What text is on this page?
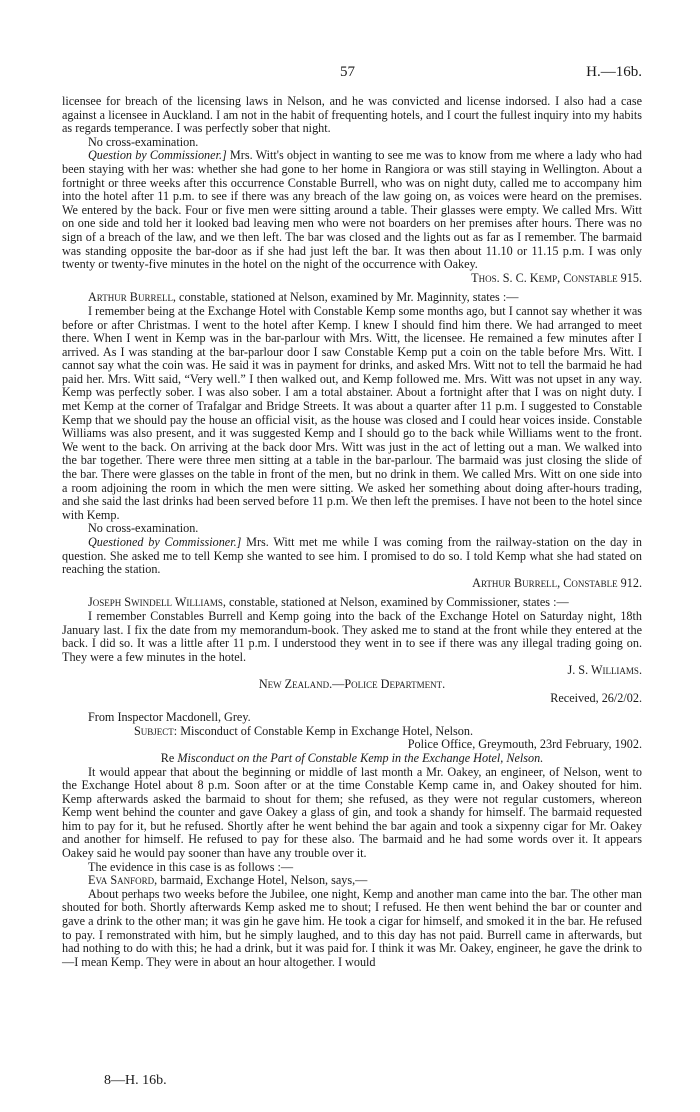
57	H.—16b.

licensee for breach of the licensing laws in Nelson, and he was convicted and license indorsed. I also had a case against a licensee in Auckland. I am not in the habit of frequenting hotels, and I court the fullest inquiry into my habits as regards temperance. I was perfectly sober that night.

No cross-examination.

Question by Commissioner.] Mrs. Witt's object in wanting to see me was to know from me where a lady who had been staying with her was: whether she had gone to her home in Rangiora or was still staying in Wellington. About a fortnight or three weeks after this occurrence Constable Burrell, who was on night duty, called me to accompany him into the hotel after 11 p.m. to see if there was any breach of the law going on, as voices were heard on the premises. We entered by the back. Four or five men were sitting around a table. Their glasses were empty. We called Mrs. Witt on one side and told her it looked bad leaving men who were not boarders on her premises after hours. There was no sign of a breach of the law, and we then left. The bar was closed and the lights out as far as I remember. The barmaid was standing opposite the bar-door as if she had just left the bar. It was then about 11.10 or 11.15 p.m. I was only twenty or twenty-five minutes in the hotel on the night of the occurrence with Oakey.

Thos. S. C. Kemp, Constable 915.

Arthur Burrell, constable, stationed at Nelson, examined by Mr. Maginnity, states :—

I remember being at the Exchange Hotel with Constable Kemp some months ago, but I cannot say whether it was before or after Christmas. I went to the hotel after Kemp. I knew I should find him there. We had arranged to meet there. When I went in Kemp was in the bar-parlour with Mrs. Witt, the licensee. He remained a few minutes after I arrived. As I was standing at the bar-parlour door I saw Constable Kemp put a coin on the table before Mrs. Witt. I cannot say what the coin was. He said it was in payment for drinks, and asked Mrs. Witt not to tell the barmaid he had paid her. Mrs. Witt said, “Very well.” I then walked out, and Kemp followed me. Mrs. Witt was not upset in any way. Kemp was perfectly sober. I was also sober. I am a total abstainer. About a fortnight after that I was on night duty. I met Kemp at the corner of Trafalgar and Bridge Streets. It was about a quarter after 11 p.m. I suggested to Constable Kemp that we should pay the house an official visit, as the house was closed and I could hear voices inside. Constable Williams was also present, and it was suggested Kemp and I should go to the back while Williams went to the front. We went to the back. On arriving at the back door Mrs. Witt was just in the act of letting out a man. We walked into the bar together. There were three men sitting at a table in the bar-parlour. The barmaid was just closing the slide of the bar. There were glasses on the table in front of the men, but no drink in them. We called Mrs. Witt on one side into a room adjoining the room in which the men were sitting. We asked her something about doing after-hours trading, and she said the last drinks had been served before 11 p.m. We then left the premises. I have not been to the hotel since with Kemp.

No cross-examination.

Questioned by Commissioner.] Mrs. Witt met me while I was coming from the railway-station on the day in question. She asked me to tell Kemp she wanted to see him. I promised to do so. I told Kemp what she had stated on reaching the station.

Arthur Burrell, Constable 912.

Joseph Swindell Williams, constable, stationed at Nelson, examined by Commissioner, states :—

I remember Constables Burrell and Kemp going into the back of the Exchange Hotel on Saturday night, 18th January last. I fix the date from my memorandum-book. They asked me to stand at the front while they entered at the back. I did so. It was a little after 11 p.m. I understood they went in to see if there was any illegal trading going on. They were a few minutes in the hotel.

J. S. Williams.

New Zealand.—Police Department.

Received, 26/2/02.

From Inspector Macdonell, Grey.

Subject: Misconduct of Constable Kemp in Exchange Hotel, Nelson.

Police Office, Greymouth, 23rd February, 1902.

Re Misconduct on the Part of Constable Kemp in the Exchange Hotel, Nelson.

It would appear that about the beginning or middle of last month a Mr. Oakey, an engineer, of Nelson, went to the Exchange Hotel about 8 p.m. Soon after or at the time Constable Kemp came in, and Oakey shouted for him. Kemp afterwards asked the barmaid to shout for them; she refused, as they were not regular customers, whereon Kemp went behind the counter and gave Oakey a glass of gin, and took a shandy for himself. The barmaid requested him to pay for it, but he refused. Shortly after he went behind the bar again and took a sixpenny cigar for Mr. Oakey and another for himself. He refused to pay for these also. The barmaid and he had some words over it. It appears Oakey said he would pay sooner than have any trouble over it.

The evidence in this case is as follows :—

Eva Sanford, barmaid, Exchange Hotel, Nelson, says,—

About perhaps two weeks before the Jubilee, one night, Kemp and another man came into the bar. The other man shouted for both. Shortly afterwards Kemp asked me to shout; I refused. He then went behind the bar or counter and gave a drink to the other man; it was gin he gave him. He took a cigar for himself, and smoked it in the bar. He refused to pay. I remonstrated with him, but he simply laughed, and to this day has not paid. Burrell came in afterwards, but had nothing to do with this; he had a drink, but it was paid for. I think it was Mr. Oakey, engineer, he gave the drink to—I mean Kemp. They were in about an hour altogether. I would

8—H. 16b.
